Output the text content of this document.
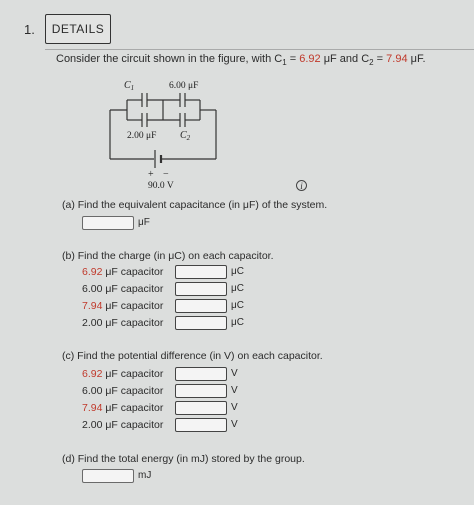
1.	DETAILS
Consider the circuit shown in the figure, with $C_1 = 6.92$ μF and $C_2 = 7.94$ μF.
$C_1$	6.00 μF
2.00 μF $C_2$
+ −
90.0 V	i
(a) Find the equivalent capacitance (in μF) of the system.
μF
(b) Find the charge (in μC) on each capacitor.
6.92 μF capacitor	μC
6.00 μF capacitor	μC
7.94 μF capacitor	μC
2.00 μF capacitor	μC
(c) Find the potential difference (in V) on each capacitor.
6.92 μF capacitor	V
6.00 μF capacitor	V
7.94 μF capacitor	V
2.00 μF capacitor	V
(d) Find the total energy (in mJ) stored by the group.
mJ
